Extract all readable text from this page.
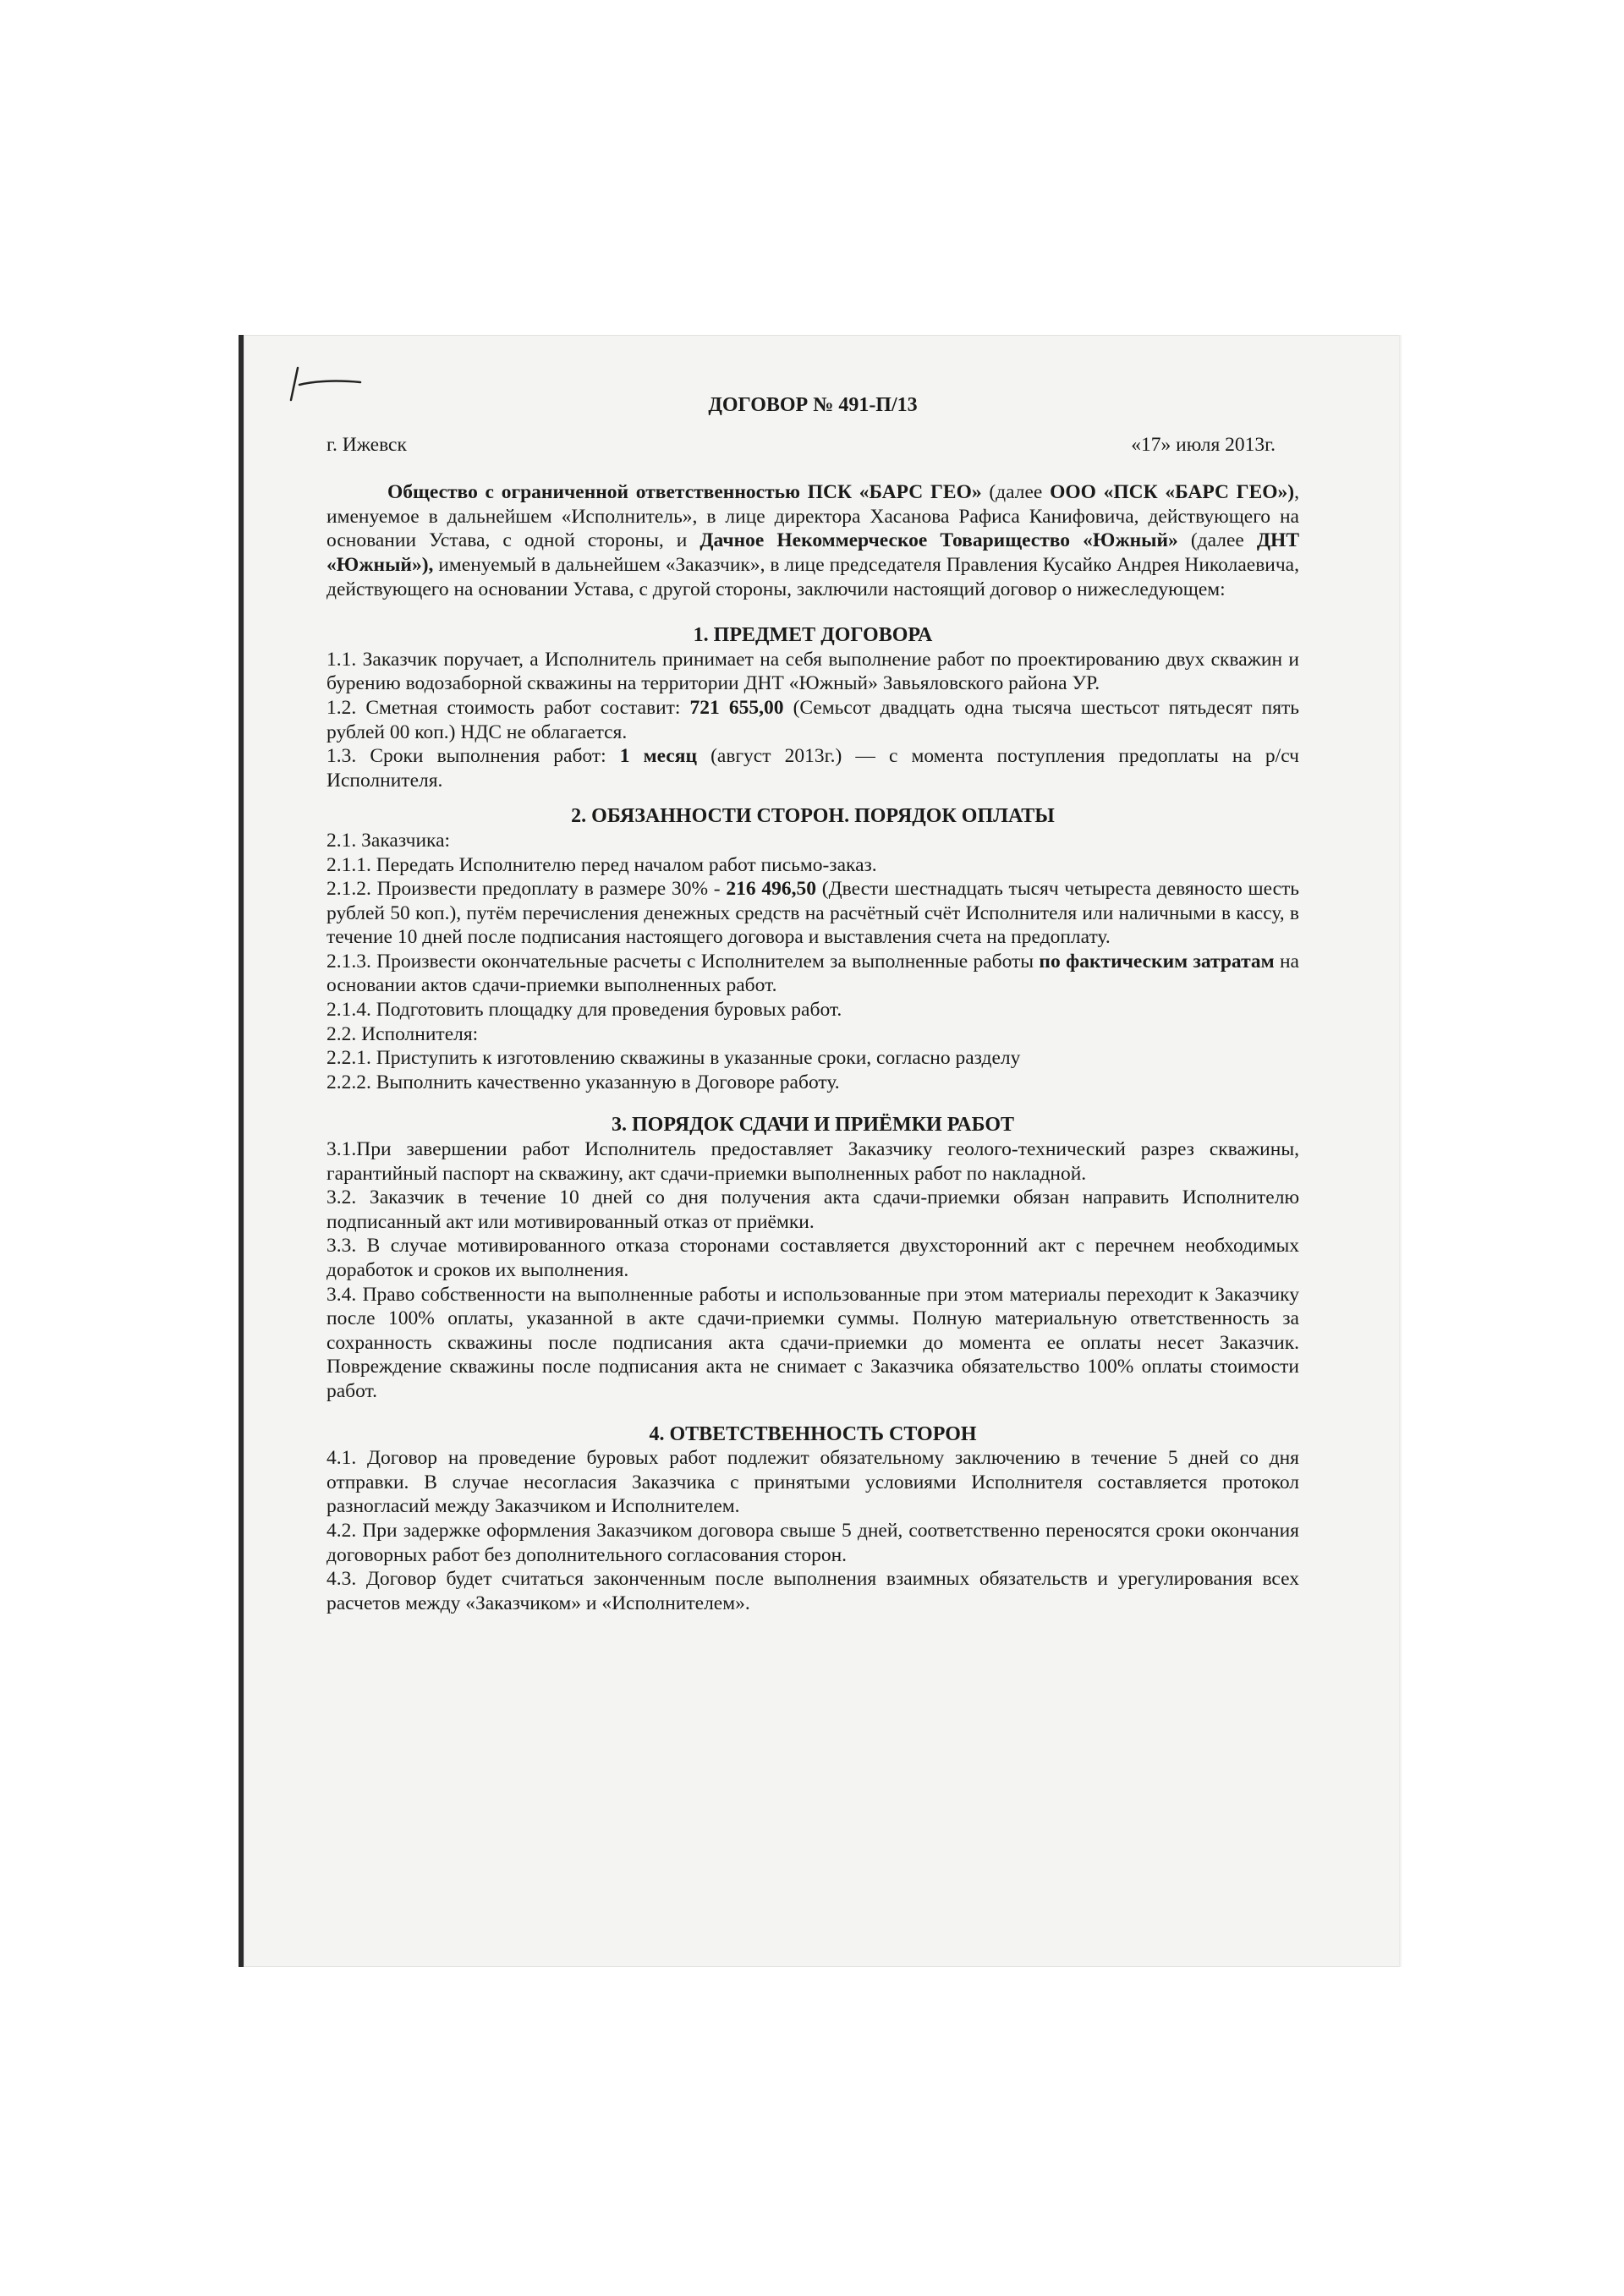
ДОГОВОР № 491-П/13
г. Ижевск	«17» июля 2013г.

Общество с ограниченной ответственностью ПСК «БАРС ГЕО» (далее ООО «ПСК «БАРС ГЕО»), именуемое в дальнейшем «Исполнитель», в лице директора Хасанова Рафиса Канифовича, действующего на основании Устава, с одной стороны, и Дачное Некоммерческое Товарищество «Южный» (далее ДНТ «Южный»), именуемый в дальнейшем «Заказчик», в лице председателя Правления Кусайко Андрея Николаевича, действующего на основании Устава, с другой стороны, заключили настоящий договор о нижеследующем:

1. ПРЕДМЕТ ДОГОВОРА

1.1. Заказчик поручает, а Исполнитель принимает на себя выполнение работ по проектированию двух скважин и бурению водозаборной скважины на территории ДНТ «Южный» Завьяловского района УР.

1.2. Сметная стоимость работ составит: 721 655,00 (Семьсот двадцать одна тысяча шестьсот пятьдесят пять рублей 00 коп.) НДС не облагается.

1.3. Сроки выполнения работ: 1 месяц (август 2013г.) — с момента поступления предоплаты на р/сч Исполнителя.

2. ОБЯЗАННОСТИ СТОРОН. ПОРЯДОК ОПЛАТЫ

2.1. Заказчика:

2.1.1. Передать Исполнителю перед началом работ письмо-заказ.

2.1.2. Произвести предоплату в размере 30% - 216 496,50 (Двести шестнадцать тысяч четыреста девяносто шесть рублей 50 коп.), путём перечисления денежных средств на расчётный счёт Исполнителя или наличными в кассу, в течение 10 дней после подписания настоящего договора и выставления счета на предоплату.

2.1.3. Произвести окончательные расчеты с Исполнителем за выполненные работы по фактическим затратам на основании актов сдачи-приемки выполненных работ.

2.1.4. Подготовить площадку для проведения буровых работ.

2.2. Исполнителя:

2.2.1. Приступить к изготовлению скважины в указанные сроки, согласно разделу

2.2.2. Выполнить качественно указанную в Договоре работу.

3. ПОРЯДОК СДАЧИ И ПРИЁМКИ РАБОТ

3.1.При завершении работ Исполнитель предоставляет Заказчику геолого-технический разрез скважины, гарантийный паспорт на скважину, акт сдачи-приемки выполненных работ по накладной.

3.2. Заказчик в течение 10 дней со дня получения акта сдачи-приемки обязан направить Исполнителю подписанный акт или мотивированный отказ от приёмки.

3.3. В случае мотивированного отказа сторонами составляется двухсторонний акт с перечнем необходимых доработок и сроков их выполнения.

3.4. Право собственности на выполненные работы и использованные при этом материалы переходит к Заказчику после 100% оплаты, указанной в акте сдачи-приемки суммы. Полную материальную ответственность за сохранность скважины после подписания акта сдачи-приемки до момента ее оплаты несет Заказчик. Повреждение скважины после подписания акта не снимает с Заказчика обязательство 100% оплаты стоимости работ.

4. ОТВЕТСТВЕННОСТЬ СТОРОН

4.1. Договор на проведение буровых работ подлежит обязательному заключению в течение 5 дней со дня отправки. В случае несогласия Заказчика с принятыми условиями Исполнителя составляется протокол разногласий между Заказчиком и Исполнителем.

4.2. При задержке оформления Заказчиком договора свыше 5 дней, соответственно переносятся сроки окончания договорных работ без дополнительного согласования сторон.

4.3. Договор будет считаться законченным после выполнения взаимных обязательств и урегулирования всех расчетов между «Заказчиком» и «Исполнителем».
